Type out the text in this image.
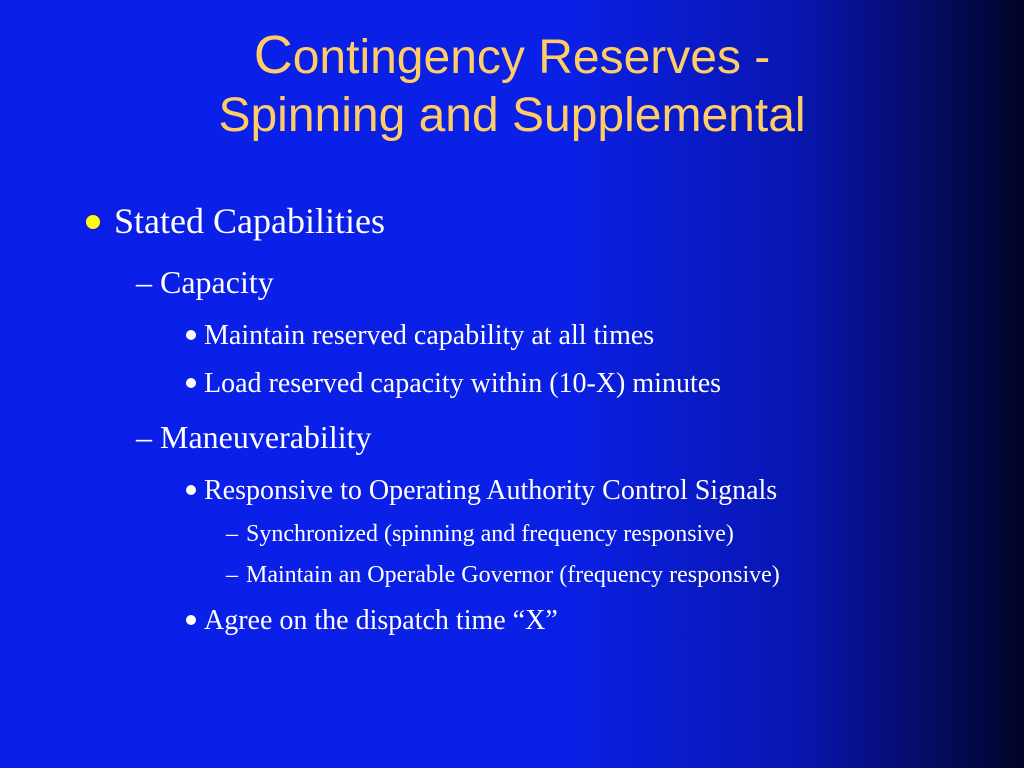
Contingency Reserves -
Spinning and Supplemental
Stated Capabilities
– Capacity
Maintain reserved capability at all times
Load reserved capacity within (10-X) minutes
– Maneuverability
Responsive to Operating Authority Control Signals
– Synchronized (spinning and frequency responsive)
– Maintain an Operable Governor (frequency responsive)
Agree on the dispatch time “X”
